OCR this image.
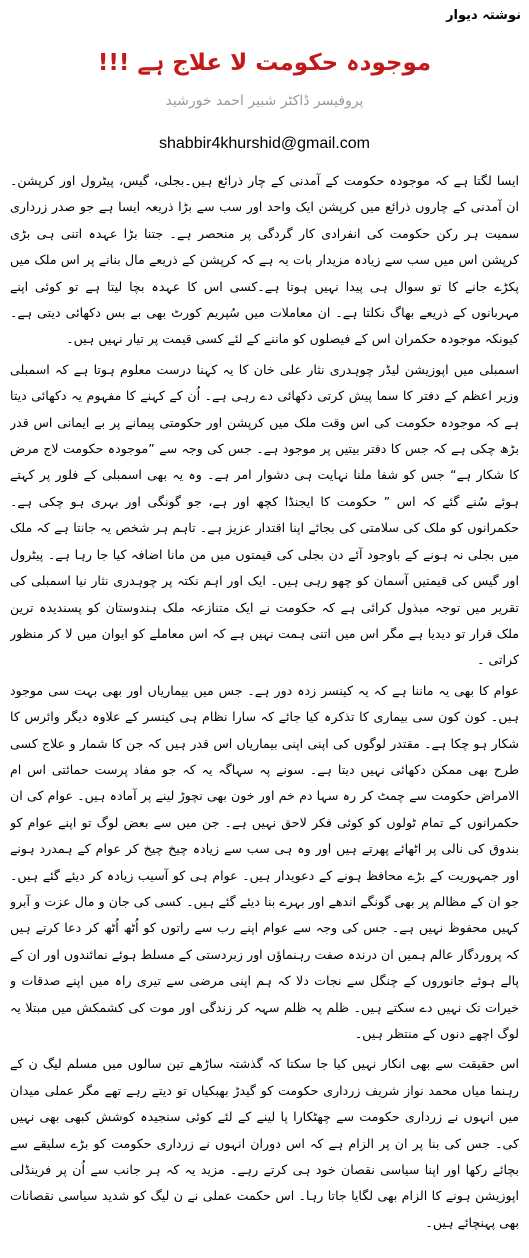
نوشتہ دیوار
موجودہ حکومت لا علاج ہے !!!
پروفیسر ڈاکٹر شبیر احمد خورشید
shabbir4khurshid@gmail.com

ایسا لگتا ہے کہ موجودہ حکومت کے آمدنی کے چار ذرائع ہیں۔بجلی، گیس، پیٹرول اور کرپشن۔ ان آمدنی کے چاروں ذرائع میں کرپشن ایک واحد اور سب سے بڑا ذریعہ ایسا ہے جو صدر زرداری سمیت ہر رکن حکومت کی انفرادی کار گردگی پر منحصر ہے۔ جتنا بڑا عہدہ اتنی ہی بڑی کرپشن اس میں سب سے زیادہ مزیدار بات یہ ہے کہ کرپشن کے ذریعے مال بنانے پر اس ملک میں پکڑے جانے کا تو سوال ہی پیدا نہیں ہوتا ہے۔کسی اس کا عہدہ بچا لیتا ہے تو کوئی اپنے مہربانوں کے ذریعے بھاگ نکلتا ہے۔ ان معاملات میں سُپریم کورٹ بھی بے بس دکھائی دیتی ہے۔ کیونکہ موجودہ حکمران اس کے فیصلوں کو ماننے کے لئے کسی قیمت پر تیار نہیں ہیں۔

اسمبلی میں اپوزیشن لیڈر چوہدری نثار علی خان کا یہ کہنا درست معلوم ہوتا ہے کہ اسمبلی وزیر اعظم کے دفتر کا سما پیش کرتی دکھائی دے رہی ہے۔ اُن کے کہنے کا مفہوم یہ دکھائی دیتا ہے کہ موجودہ حکومت کی اس وقت ملک میں کرپشن اور حکومتی پیمانے پر بے ایمانی اس قدر بڑھ چکی ہے کہ جس کا دفتر بیتیں پر موجود ہے۔ جس کی وجہ سے ”موجودہ حکومت لاج مرض کا شکار ہے“ جس کو شفا ملنا نہایت ہی دشوار امر ہے۔ وہ یہ بھی اسمبلی کے فلور پر کہتے ہوئے سُنے گئے کہ اس ” حکومت کا ایجنڈا کچھ اور ہے، جو گونگی اور بہری ہو چکی ہے۔ حکمرانوں کو ملک کی سلامتی کی بجائے اپنا اقتدار عزیز ہے۔ تاہم ہر شخص یہ جانتا ہے کہ ملک میں بجلی نہ ہونے کے باوجود آئے دن بجلی کی قیمتوں میں من مانا اضافہ کیا جا رہا ہے۔ پیٹرول اور گیس کی قیمتیں آسمان کو چھو رہی ہیں۔ ایک اور اہم نکتہ پر چوہدری نثار نیا اسمبلی کی تقریر میں توجہ مبذول کرائی ہے کہ حکومت نے ایک متنازعہ ملک ہندوستان کو پسندیدہ ترین ملک قرار تو دیدیا ہے مگر اس میں اتنی ہمت نہیں ہے کہ اس معاملے کو ایوان میں لا کر منظور کراتی ۔

عوام کا بھی یہ ماننا ہے کہ یہ کینسر زدہ دور ہے۔ جس میں بیماریاں اور بھی بہت سی موجود ہیں۔ کون کون سی بیماری کا تذکرہ کیا جائے کہ سارا نظام ہی کینسر کے علاوہ دیگر وائرس کا شکار ہو چکا ہے۔ مقتدر لوگوں کی اپنی اپنی بیماریاں اس قدر ہیں کہ جن کا شمار و علاج کسی طرح بھی ممکن دکھائی نہیں دیتا ہے۔ سونے پہ سہاگہ یہ کہ جو مفاد پرست حمائتی اس ام الامراض حکومت سے چمٹ کر رہ سہا دم خم اور خون بھی نچوڑ لینے پر آمادہ ہیں۔ عوام کی ان حکمرانوں کے تمام ٹولوں کو کوئی فکر لاحق نہیں ہے۔ جن میں سے بعض لوگ تو اپنے عوام کو بندوق کی نالی پر اٹھائے پھرتے ہیں اور وہ ہی سب سے زیادہ چیخ چیخ کر عوام کے ہمدرد ہونے اور جمہوریت کے بڑے محافظ ہونے کے دعویدار ہیں۔ عوام ہی کو آسیب زیادہ کر دیئے گئے ہیں۔ جو ان کے مظالم پر بھی گونگے اندھے اور بہرے بنا دیئے گئے ہیں۔ کسی کی جان و مال عزت و آبرو کہیں محفوظ نہیں ہے۔ جس کی وجہ سے عوام اپنے رب سے راتوں کو اُٹھ اُٹھ کر دعا کرتے ہیں کہ پروردگار عالم ہمیں ان درندہ صفت رہنماؤں اور زبردستی کے مسلط ہوئے نمائندوں اور ان کے پالے ہوئے جانوروں کے چنگل سے نجات دلا کہ ہم اپنی مرضی سے تیری راہ میں اپنے صدقات و خیرات تک نہیں دے سکتے ہیں۔ ظلم پہ ظلم سہہ کر زندگی اور موت کی کشمکش میں مبتلا یہ لوگ اچھے دنوں کے منتظر ہیں۔

اس حقیقت سے بھی انکار نہیں کیا جا سکتا کہ گذشتہ ساڑھے تین سالوں میں مسلم لیگ ن کے رہنما میاں محمد نواز شریف زرداری حکومت کو گیدڑ بھبکیاں تو دیتے رہے تھے مگر عملی میدان میں انہوں نے زرداری حکومت سے چھٹکارا پا لینے کے لئے کوئی سنجیدہ کوشش کبھی بھی نہیں کی۔ جس کی بنا پر ان پر الزام ہے کہ اس دوران انہوں نے زرداری حکومت کو بڑے سلیقے سے بچائے رکھا اور اپنا سیاسی نقصان خود ہی کرتے رہے۔ مزید یہ کہ ہر جانب سے اُن پر فرینڈلی اپوزیشن ہونے کا الزام بھی لگایا جاتا رہا۔ اس حکمت عملی نے ن لیگ کو شدید سیاسی نقصانات بھی پہنچائے ہیں۔
